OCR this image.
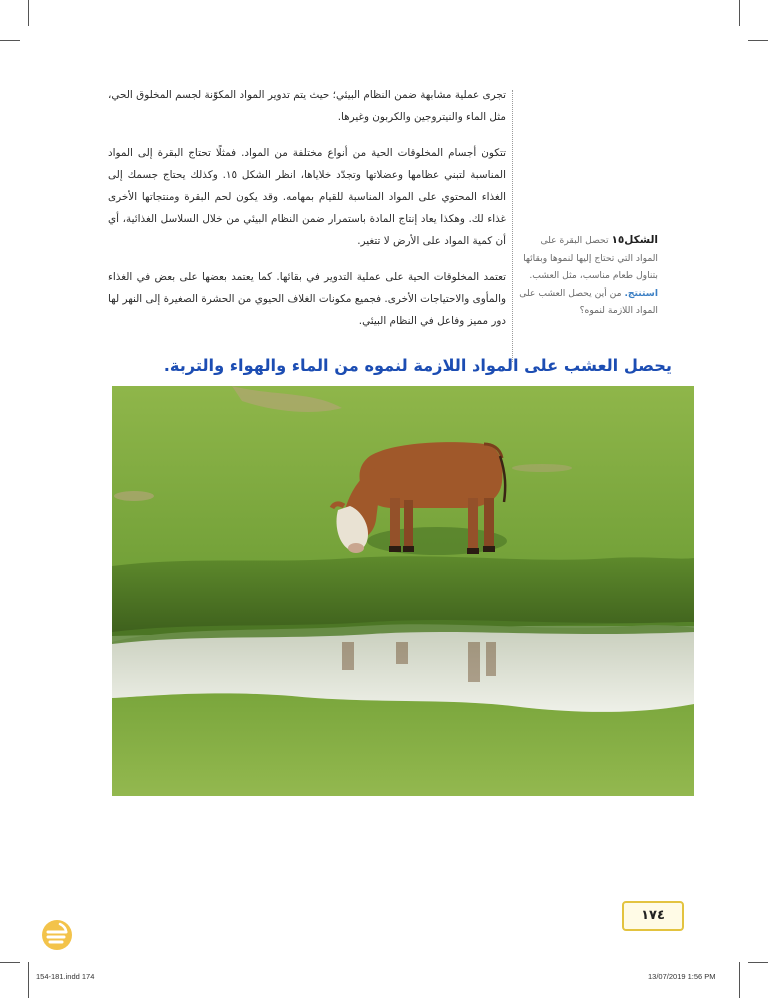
تجرى عملية مشابهة ضمن النظام البيئي؛ حيث يتم تدوير المواد المكوّنة لجسم المخلوق الحي، مثل الماء والنيتروجين والكربون وغيرها.

تتكون أجسام المخلوقات الحية من أنواع مختلفة من المواد. فمثلًا تحتاج البقرة إلى المواد المناسبة لتبني عظامها وعضلاتها وتجدّد خلاياها، انظر الشكل ١٥. وكذلك يحتاج جسمك إلى الغذاء المحتوي على المواد المناسبة للقيام بمهامه. وقد يكون لحم البقرة ومنتجاتها الأخرى غذاء لك. وهكذا يعاد إنتاج المادة باستمرار ضمن النظام البيئي من خلال السلاسل الغذائية، أي أن كمية المواد على الأرض لا تتغير.

تعتمد المخلوقات الحية على عملية التدوير في بقائها. كما يعتمد بعضها على بعض في الغذاء والمأوى والاحتياجات الأخرى. فجميع مكونات الغلاف الحيوي من الحشرة الصغيرة إلى النهر لها دور مميز وفاعل في النظام البيئي.

الشكل١٥ تحصل البقرة على المواد التي تحتاج إليها لنموها وبقائها بتناول طعام مناسب، مثل العشب.
استنتج. من أين يحصل العشب على المواد اللازمة لنموه؟
يحصل العشب على المواد اللازمة لنموه من الماء والهواء والتربة.
١٧٤
154-181.indd 174	13/07/2019 1:56 PM
